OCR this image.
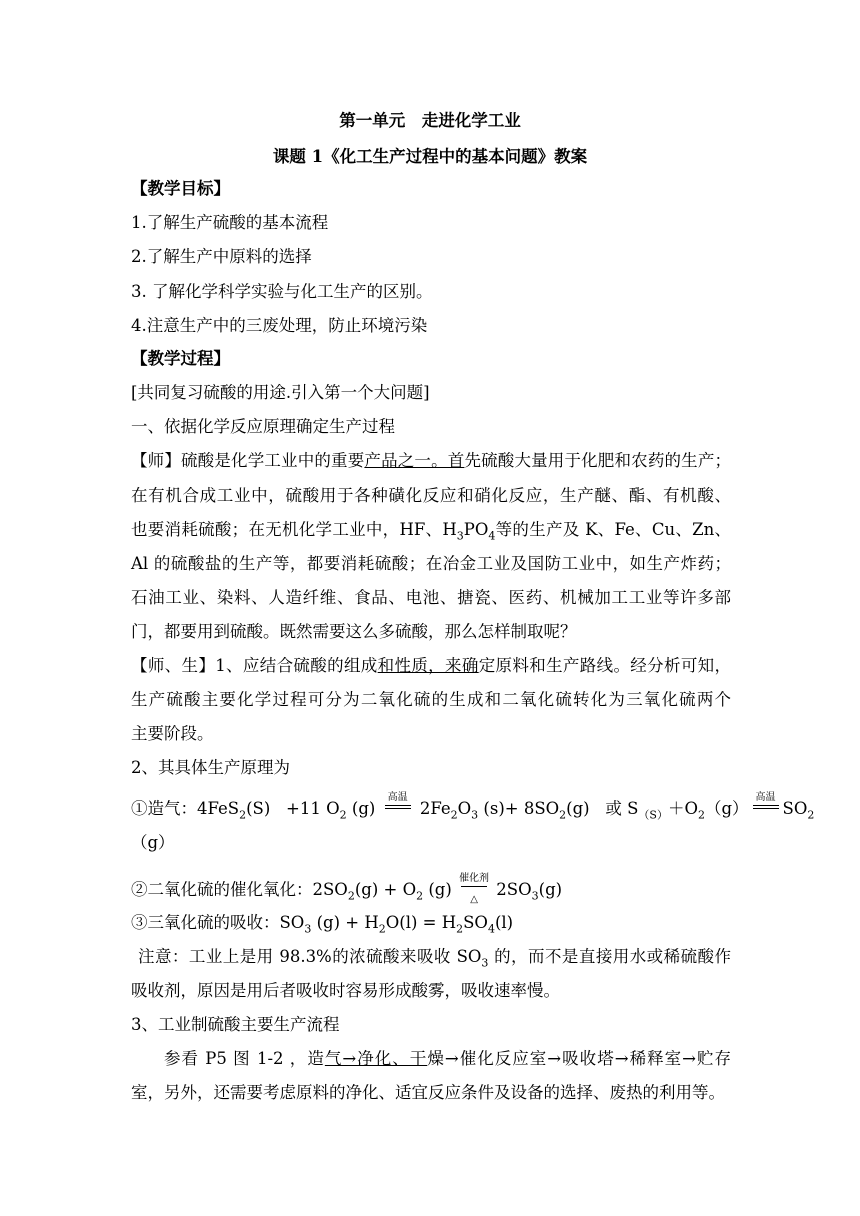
第一单元　走进化学工业
课题 1《化工生产过程中的基本问题》教案
【教学目标】
1.了解生产硫酸的基本流程
2.了解生产中原料的选择
3. 了解化学科学实验与化工生产的区别。
4.注意生产中的三废处理，防止环境污染
【教学过程】
[共同复习硫酸的用途.引入第一个大问题]
一、依据化学反应原理确定生产过程
【师】硫酸是化学工业中的重要产品之一。首先硫酸大量用于化肥和农药的生产；
在有机合成工业中，硫酸用于各种磺化反应和硝化反应，生产醚、酯、有机酸、
也要消耗硫酸；在无机化学工业中，HF、$H_3PO_4$等的生产及 K、Fe、Cu、Zn、
Al 的硫酸盐的生产等，都要消耗硫酸；在冶金工业及国防工业中，如生产炸药；
石油工业、染料、人造纤维、食品、电池、搪瓷、医药、机械加工工业等许多部
门，都要用到硫酸。既然需要这么多硫酸，那么怎样制取呢？
【师、生】1、应结合硫酸的组成和性质，来确定原料和生产路线。经分析可知，
生产硫酸主要化学过程可分为二氧化硫的生成和二氧化硫转化为三氧化硫两个
主要阶段。
2、其具体生产原理为
①造气：4FeS$_2$(S)   +11 $O_2$ (g)
高温
$2Fe_2O_3$ $(s)+ 8SO_2(g)$   或 $S_{(S)}+O_2(g)$
高温
$SO_2$
（g）
②二氧化硫的催化氧化：$2SO_2(g) + O_2$ (g)
催化剂
△ $2SO_3(g)$
③三氧化硫的吸收：$SO_3$ $(g) + H_2O(l) = H_2SO_4(l)$
注意：工业上是用 98.3%的浓硫酸来吸收 $SO_3$ 的，而不是直接用水或稀硫酸作
吸收剂，原因是用后者吸收时容易形成酸雾，吸收速率慢。
3、工业制硫酸主要生产流程
参看 P5 图 1-2 ，造气→净化、干燥→催化反应室→吸收塔→稀释室→贮存
室，另外，还需要考虑原料的净化、适宜反应条件及设备的选择、废热的利用等。
